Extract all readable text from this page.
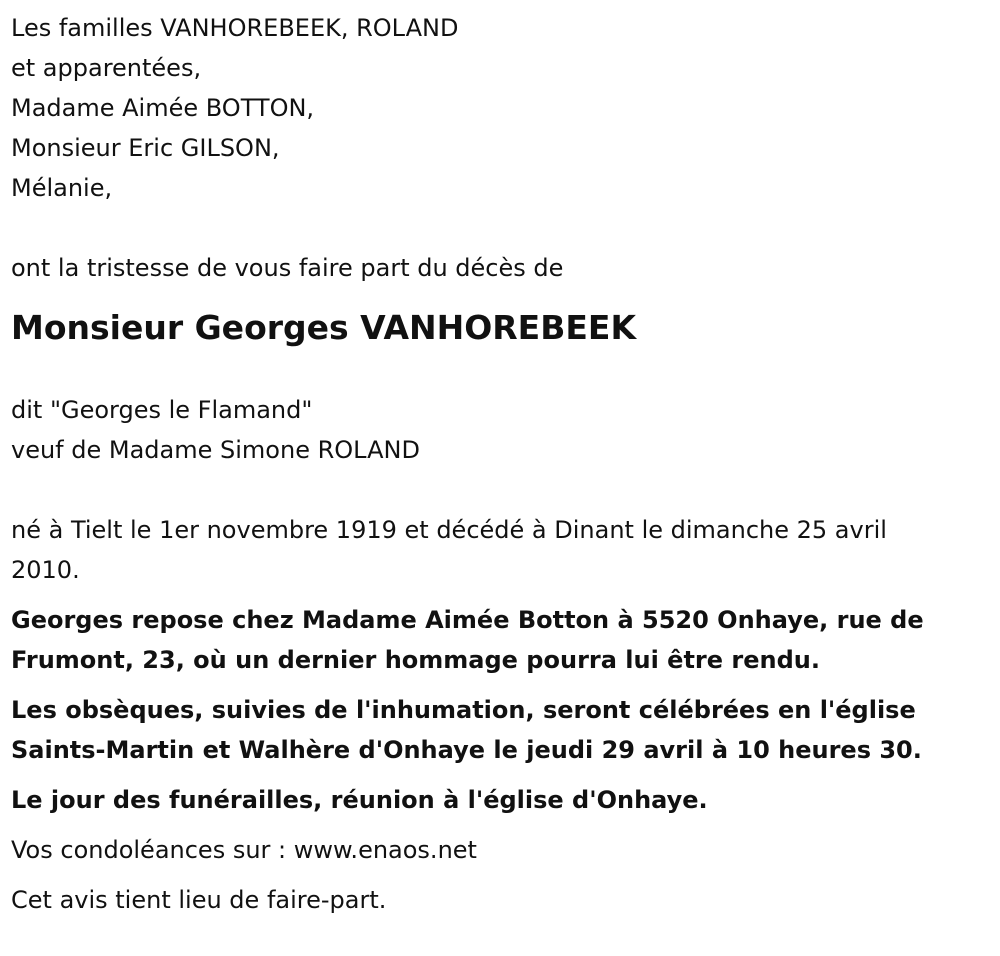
Les familles VANHOREBEEK, ROLAND
et apparentées,
Madame Aimée BOTTON,
Monsieur Eric GILSON,
Mélanie,
ont la tristesse de vous faire part du décès de
Monsieur Georges VANHOREBEEK
dit "Georges le Flamand"
veuf de Madame Simone ROLAND
né à Tielt le 1er novembre 1919 et décédé à Dinant le dimanche 25 avril
2010.
Georges repose chez Madame Aimée Botton à 5520 Onhaye, rue de
Frumont, 23, où un dernier hommage pourra lui être rendu.
Les obsèques, suivies de l'inhumation, seront célébrées en l'église
Saints-Martin et Walhère d'Onhaye le jeudi 29 avril à 10 heures 30.
Le jour des funérailles, réunion à l'église d'Onhaye.
Vos condoléances sur : www.enaos.net
Cet avis tient lieu de faire-part.
